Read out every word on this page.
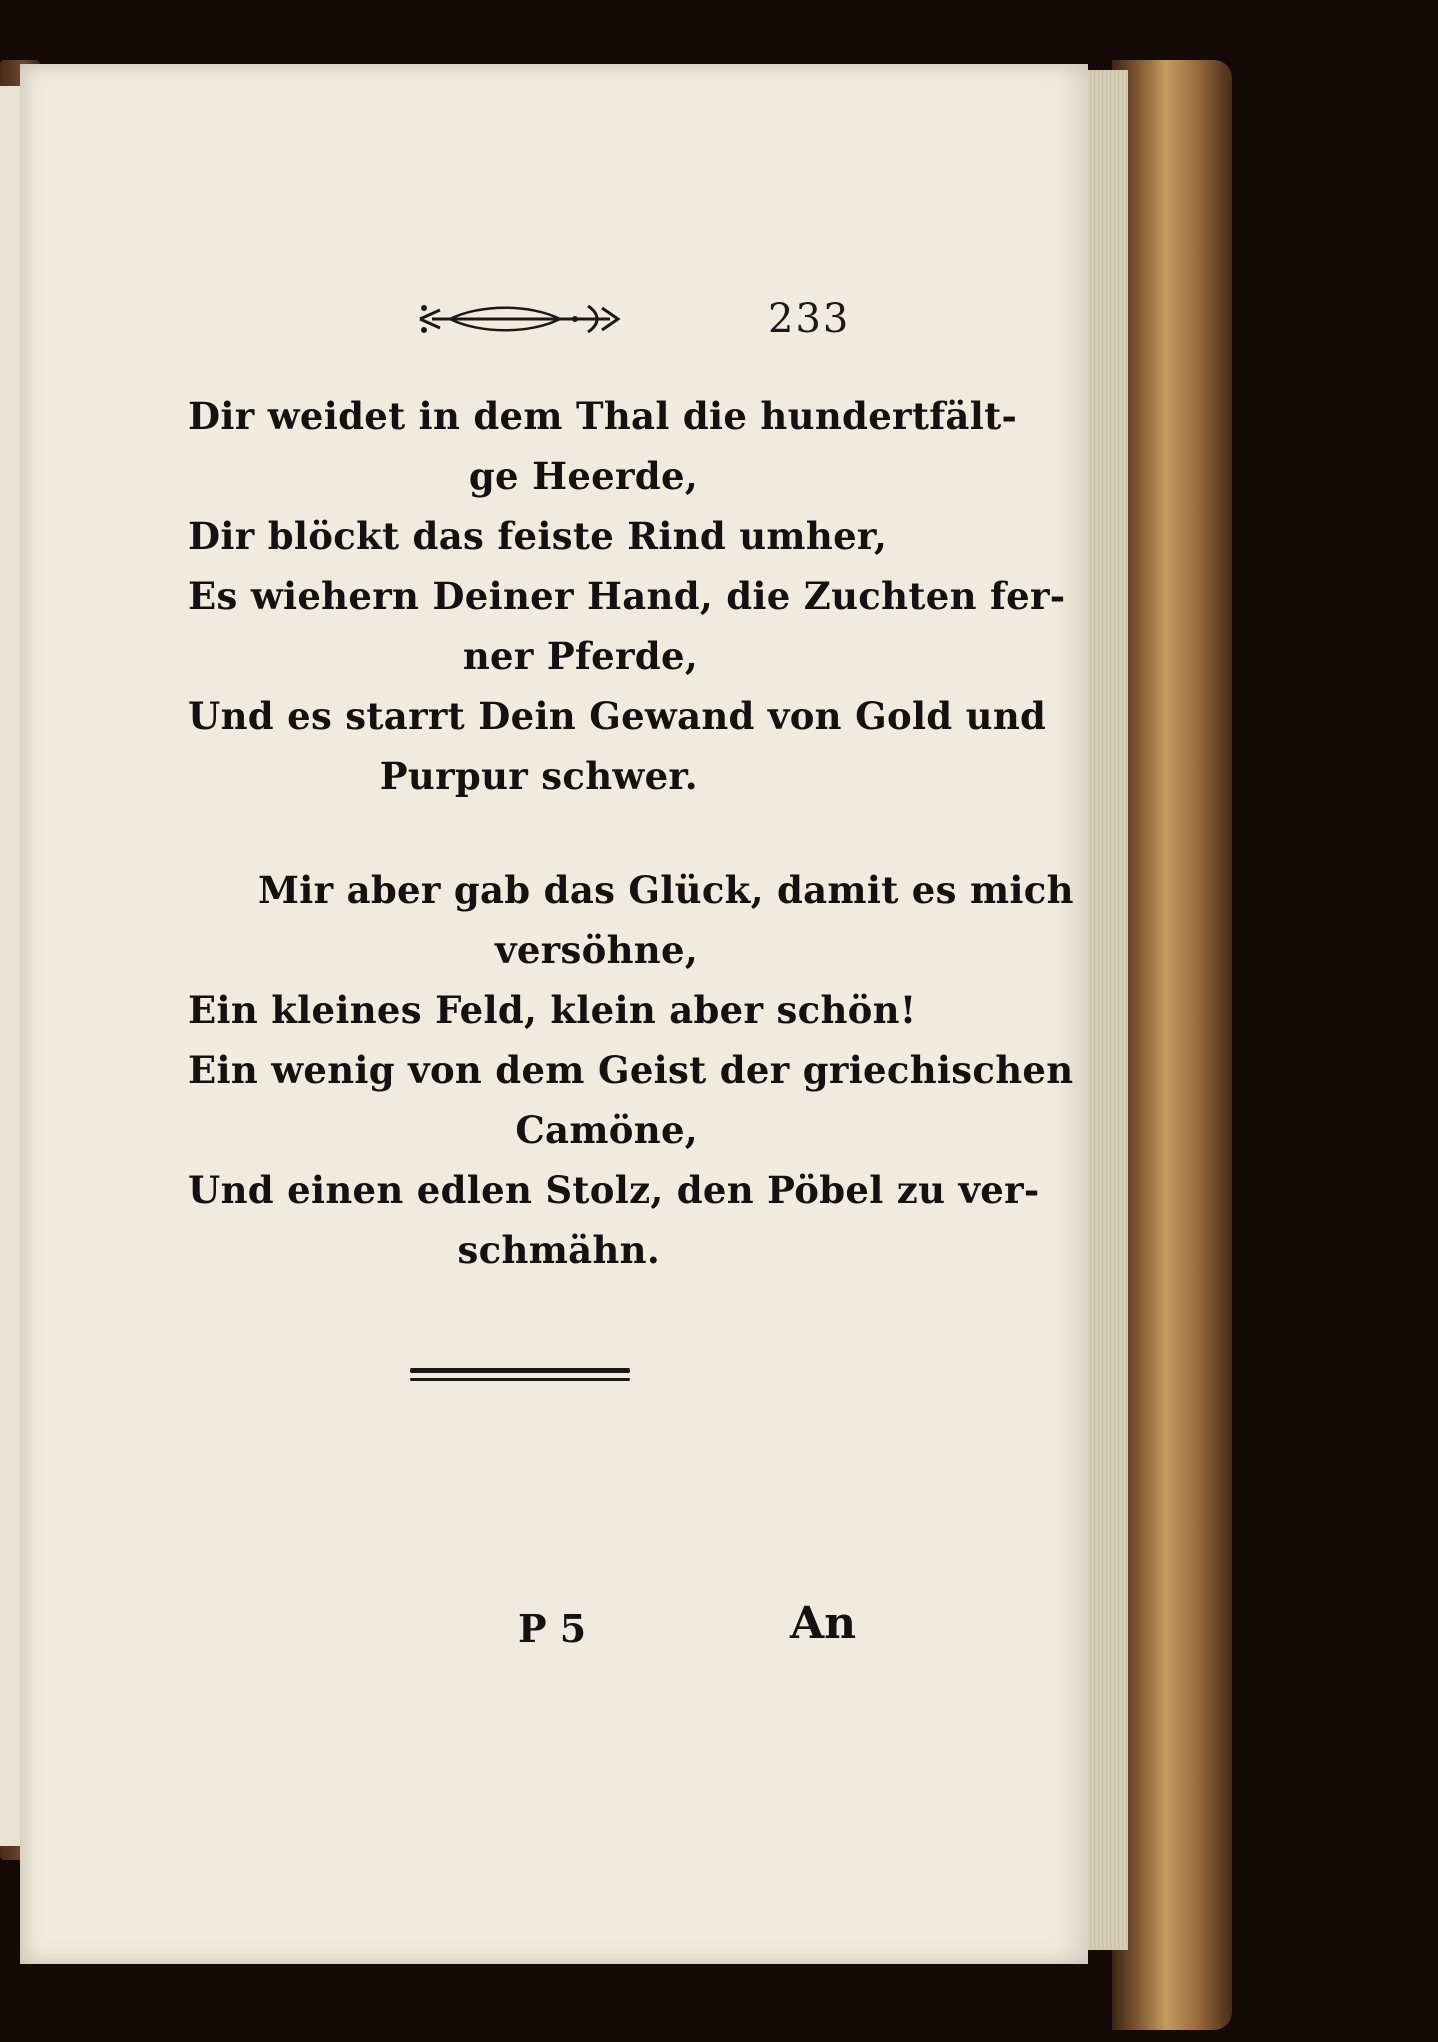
233
Dir weidet in dem Thal die hundertfält-
ge Heerde,
Dir blöckt das feiste Rind umher,
Es wiehern Deiner Hand, die Zuchten fer-
ner Pferde,
Und es starrt Dein Gewand von Gold und
Purpur schwer.
Mir aber gab das Glück, damit es mich
versöhne,
Ein kleines Feld, klein aber schön!
Ein wenig von dem Geist der griechischen
Camöne,
Und einen edlen Stolz, den Pöbel zu ver-
schmähn.
P 5	An
